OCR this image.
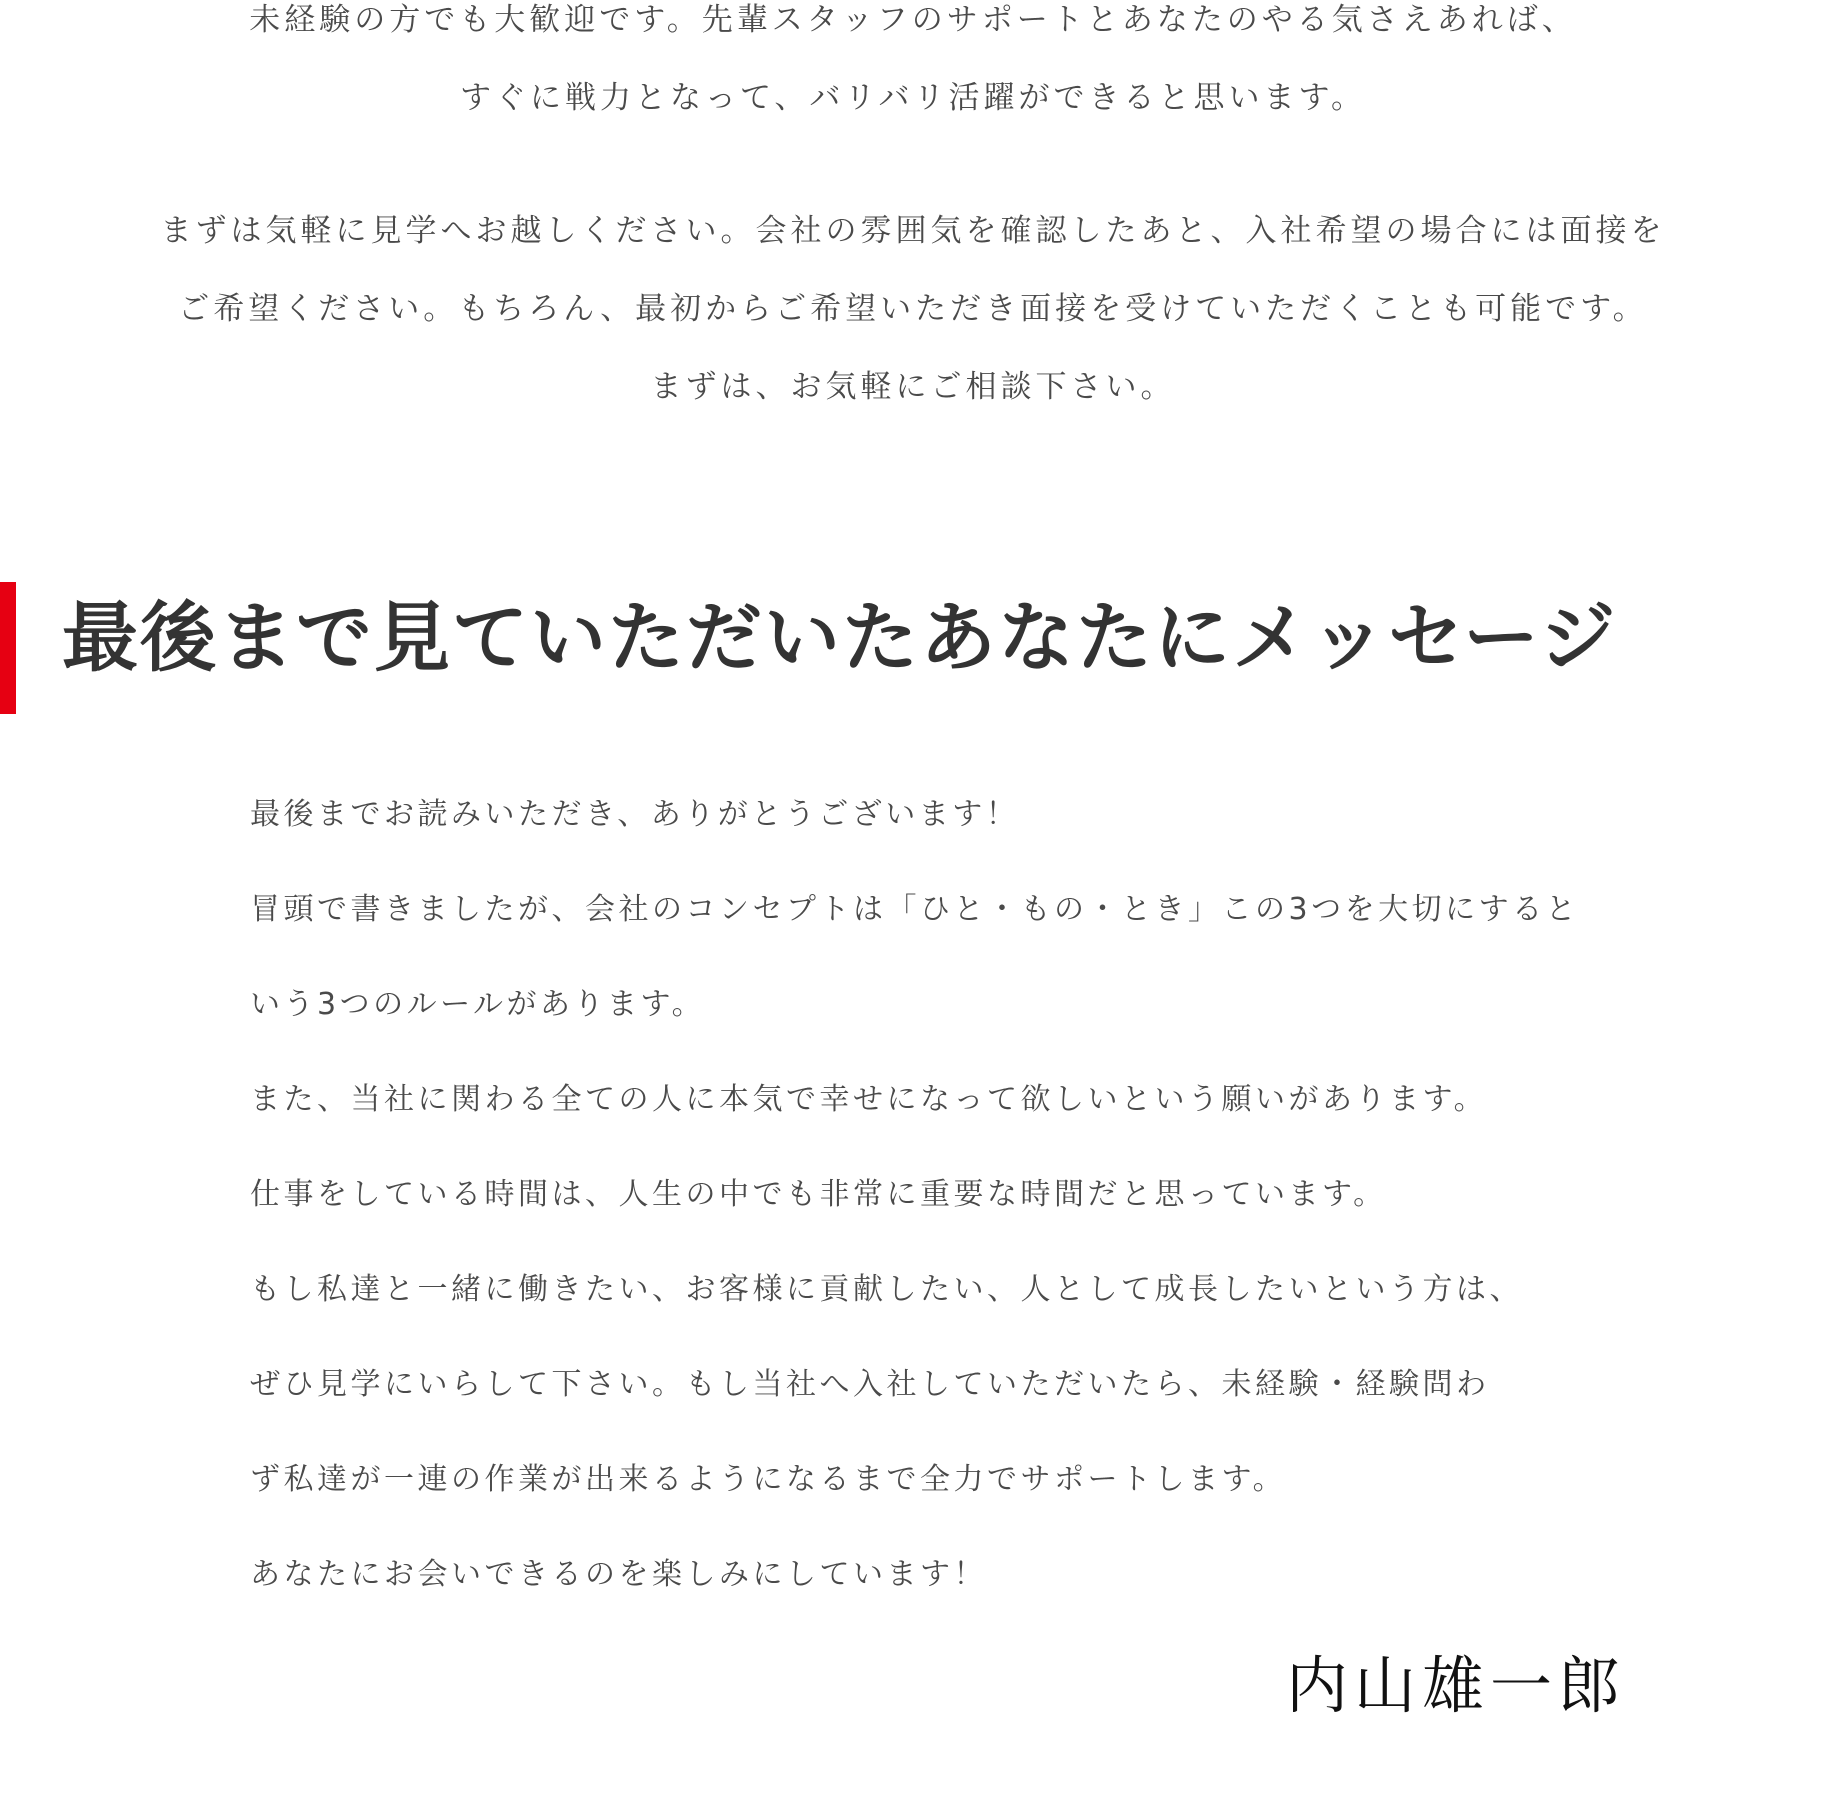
未経験の方でも大歓迎です。先輩スタッフのサポートとあなたのやる気さえあれば、
すぐに戦力となって、バリバリ活躍ができると思います。
まずは気軽に見学へお越しください。会社の雰囲気を確認したあと、入社希望の場合には面接を
ご希望ください。もちろん、最初からご希望いただき面接を受けていただくことも可能です。
まずは、お気軽にご相談下さい。
最後まで見ていただいたあなたにメッセージ
最後までお読みいただき、ありがとうございます！
冒頭で書きましたが、会社のコンセプトは「ひと・もの・とき」この3つを大切にすると
いう3つのルールがあります。
また、当社に関わる全ての人に本気で幸せになって欲しいという願いがあります。
仕事をしている時間は、人生の中でも非常に重要な時間だと思っています。
もし私達と一緒に働きたい、お客様に貢献したい、人として成長したいという方は、
ぜひ見学にいらして下さい。もし当社へ入社していただいたら、未経験・経験問わ
ず私達が一連の作業が出来るようになるまで全力でサポートします。
あなたにお会いできるのを楽しみにしています！
内山雄一郎
